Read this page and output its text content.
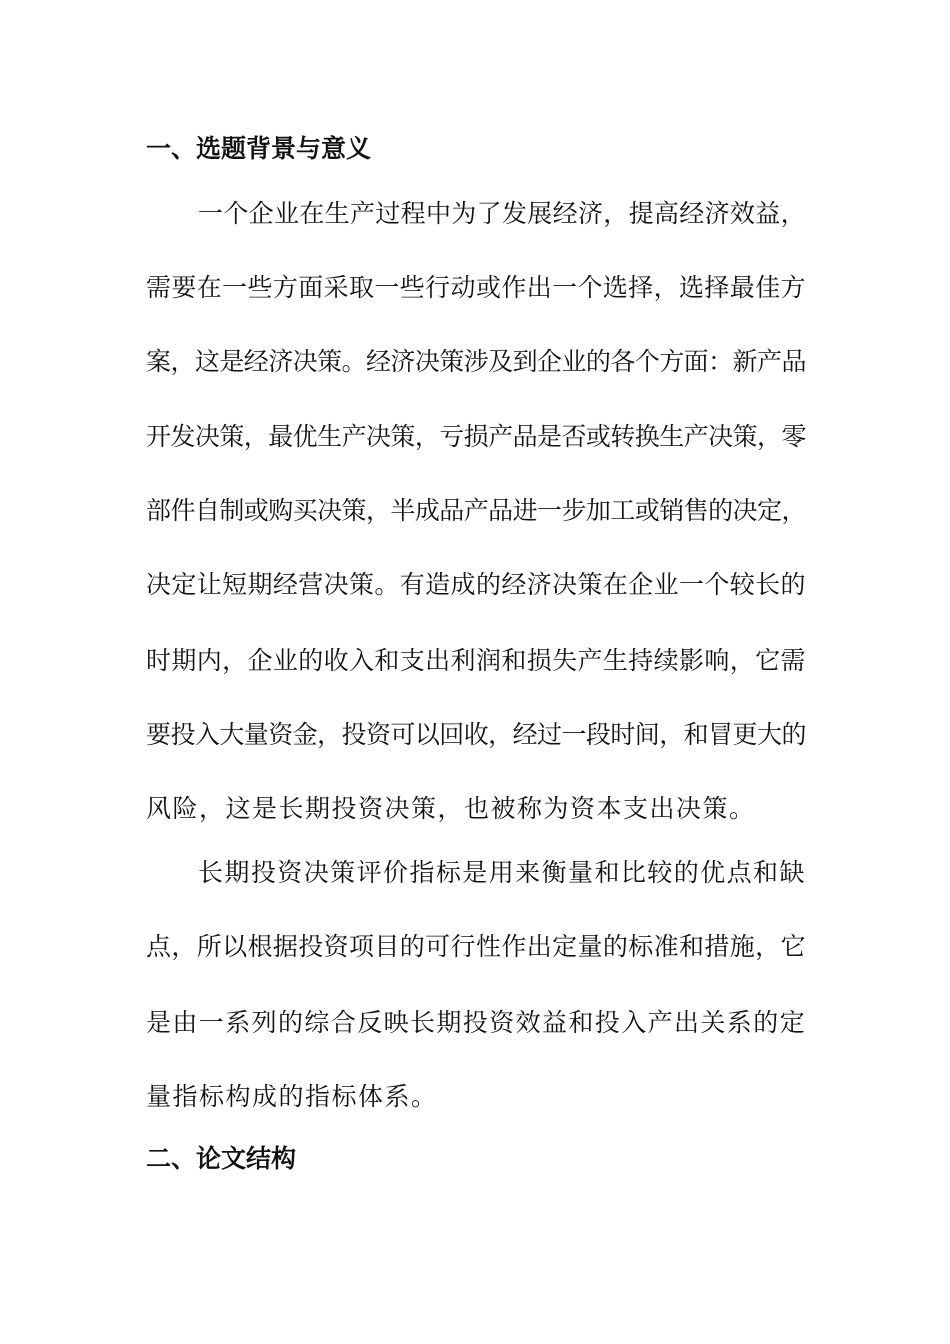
一、选题背景与意义

一个企业在生产过程中为了发展经济，提高经济效益，

需要在一些方面采取一些行动或作出一个选择，选择最佳方

案，这是经济决策。经济决策涉及到企业的各个方面：新产品

开发决策，最优生产决策，亏损产品是否或转换生产决策，零

部件自制或购买决策，半成品产品进一步加工或销售的决定，

决定让短期经营决策。有造成的经济决策在企业一个较长的

时期内，企业的收入和支出利润和损失产生持续影响，它需

要投入大量资金，投资可以回收，经过一段时间，和冒更大的

风险，这是长期投资决策，也被称为资本支出决策。

长期投资决策评价指标是用来衡量和比较的优点和缺

点，所以根据投资项目的可行性作出定量的标准和措施，它

是由一系列的综合反映长期投资效益和投入产出关系的定

量指标构成的指标体系。

二、论文结构
